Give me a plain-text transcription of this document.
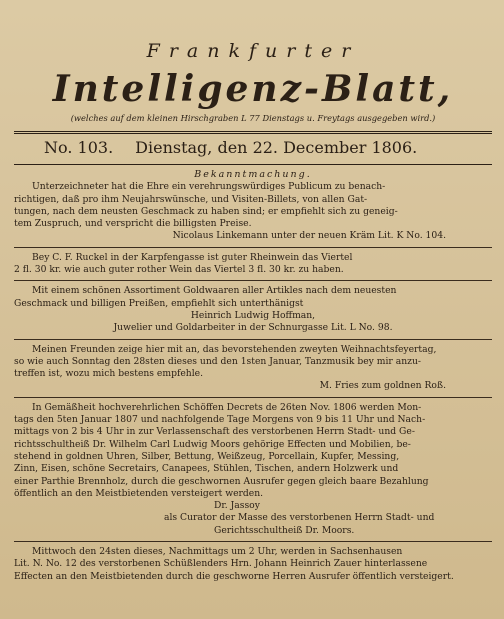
Frankfurter
Intelligenz-Blatt,
(welches auf dem kleinen Hirschgraben L 77 Dienstags u. Freytags ausgegeben wird.)
No. 103. Dienstag, den 22. December 1806.
Bekanntmachung.
Unterzeichneter hat die Ehre ein verehrungswürdiges Publicum zu benach-
richtigen, daß pro ihm Neujahrswünsche, und Visiten-Billets, von allen Gat-
tungen, nach dem neusten Geschmack zu haben sind; er empfiehlt sich zu geneig-
tem Zuspruch, und verspricht die billigsten Preise.
Nicolaus Linkemann unter der neuen Kräm Lit. K No. 104.
Bey C. F. Ruckel in der Karpfengasse ist guter Rheinwein das Viertel
2 fl. 30 kr. wie auch guter rother Wein das Viertel 3 fl. 30 kr. zu haben.
Mit einem schönen Assortiment Goldwaaren aller Artikles nach dem neuesten
Geschmack und billigen Preißen, empfiehlt sich unterthänigst
Heinrich Ludwig Hoffman,
Juwelier und Goldarbeiter in der Schnurgasse Lit. L No. 98.
Meinen Freunden zeige hier mit an, das bevorstehenden zweyten Weihnachtsfeyertag,
so wie auch Sonntag den 28sten dieses und den 1sten Januar, Tanzmusik bey mir anzu-
treffen ist, wozu mich bestens empfehle.
M. Fries zum goldnen Roß.
In Gemäßheit hochverehrlichen Schöffen Decrets de 26ten Nov. 1806 werden Mon-
tags den 5ten Januar 1807 und nachfolgende Tage Morgens von 9 bis 11 Uhr und Nach-
mittags von 2 bis 4 Uhr in zur Verlassenschaft des verstorbenen Herrn Stadt- und Ge-
richtsschultheiß Dr. Wilhelm Carl Ludwig Moors gehörige Effecten und Mobilien, be-
stehend in goldnen Uhren, Silber, Bettung, Weißzeug, Porcellain, Kupfer, Messing,
Zinn, Eisen, schöne Secretairs, Canapees, Stühlen, Tischen, andern Holzwerk und
einer Parthie Brennholz, durch die geschwornen Ausrufer gegen gleich baare Bezahlung
öffentlich an den Meistbietenden versteigert werden.
Dr. Jassoy
als Curator der Masse des verstorbenen Herrn Stadt- und
Gerichtsschultheiß Dr. Moors.
Mittwoch den 24sten dieses, Nachmittags um 2 Uhr, werden in Sachsenhausen
Lit. N. No. 12 des verstorbenen Schüßlenders Hrn. Johann Heinrich Zauer hinterlassene
Effecten an den Meistbietenden durch die geschworne Herren Ausrufer öffentlich versteigert.
